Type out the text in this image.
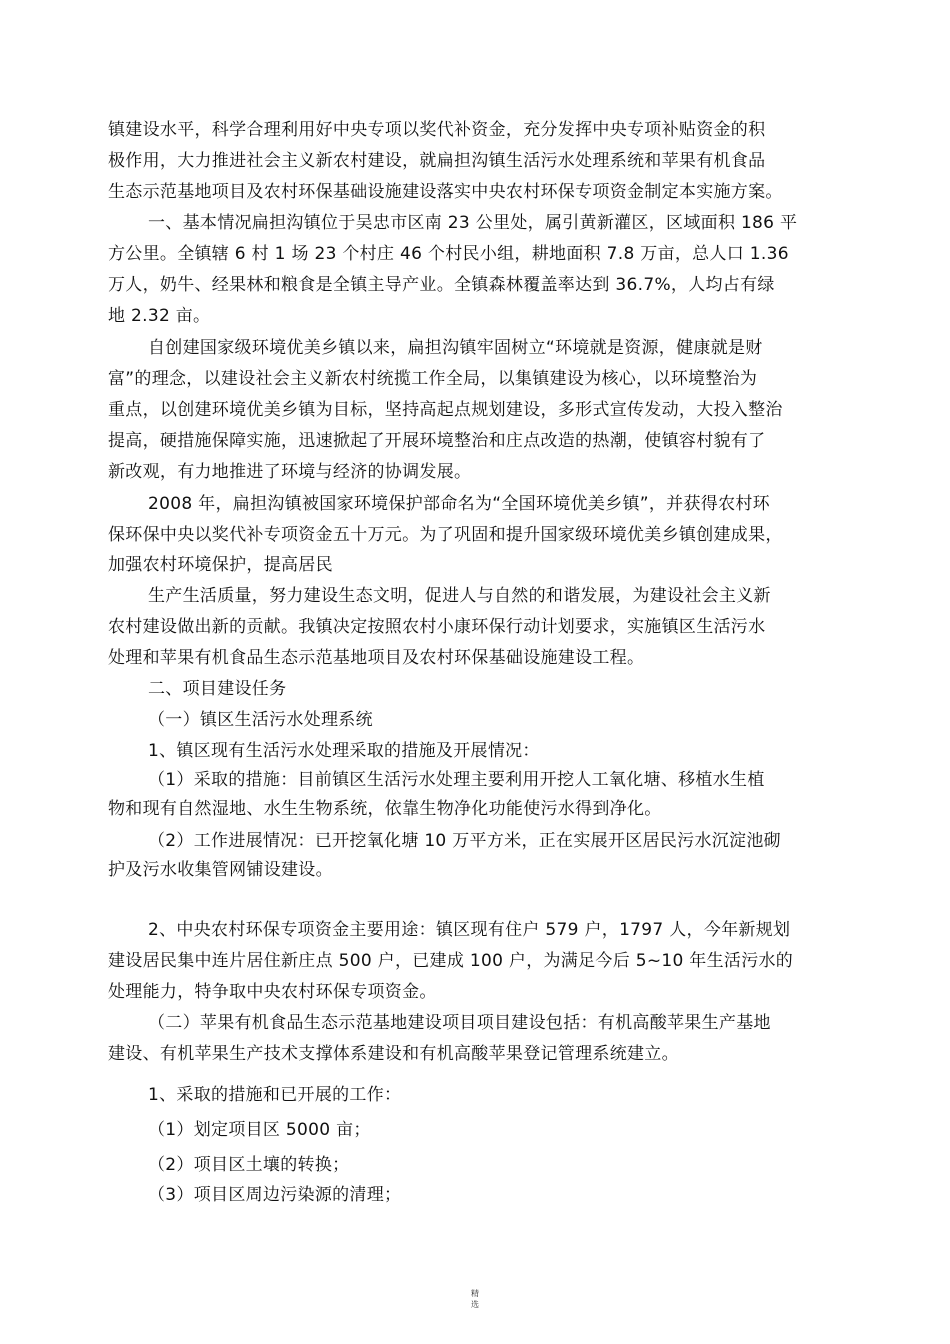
镇建设水平，科学合理利用好中央专项以奖代补资金，充分发挥中央专项补贴资金的积
极作用，大力推进社会主义新农村建设，就扁担沟镇生活污水处理系统和苹果有机食品
生态示范基地项目及农村环保基础设施建设落实中央农村环保专项资金制定本实施方案。
一、基本情况扁担沟镇位于吴忠市区南 23 公里处，属引黄新灌区，区域面积 186 平
方公里。全镇辖 6 村 1 场 23 个村庄 46 个村民小组，耕地面积 7.8 万亩，总人口 1.36
万人，奶牛、经果林和粮食是全镇主导产业。全镇森林覆盖率达到 36.7%，人均占有绿
地 2.32 亩。
自创建国家级环境优美乡镇以来，扁担沟镇牢固树立“环境就是资源，健康就是财
富”的理念，以建设社会主义新农村统揽工作全局，以集镇建设为核心，以环境整治为
重点，以创建环境优美乡镇为目标，坚持高起点规划建设，多形式宣传发动，大投入整治
提高，硬措施保障实施，迅速掀起了开展环境整治和庄点改造的热潮，使镇容村貌有了
新改观，有力地推进了环境与经济的协调发展。
2008 年，扁担沟镇被国家环境保护部命名为“全国环境优美乡镇”，并获得农村环
保环保中央以奖代补专项资金五十万元。为了巩固和提升国家级环境优美乡镇创建成果，
加强农村环境保护，提高居民
生产生活质量，努力建设生态文明，促进人与自然的和谐发展，为建设社会主义新
农村建设做出新的贡献。我镇决定按照农村小康环保行动计划要求，实施镇区生活污水
处理和苹果有机食品生态示范基地项目及农村环保基础设施建设工程。
二、项目建设任务
（一）镇区生活污水处理系统
1、镇区现有生活污水处理采取的措施及开展情况：
（1）采取的措施：目前镇区生活污水处理主要利用开挖人工氧化塘、移植水生植
物和现有自然湿地、水生生物系统，依靠生物净化功能使污水得到净化。
（2）工作进展情况：已开挖氧化塘 10 万平方米，正在实展开区居民污水沉淀池砌
护及污水收集管网铺设建设。
2、中央农村环保专项资金主要用途：镇区现有住户 579 户，1797 人，今年新规划
建设居民集中连片居住新庄点 500 户，已建成 100 户，为满足今后 5~10 年生活污水的
处理能力，特争取中央农村环保专项资金。
（二）苹果有机食品生态示范基地建设项目项目建设包括：有机高酸苹果生产基地
建设、有机苹果生产技术支撑体系建设和有机高酸苹果登记管理系统建立。
1、采取的措施和已开展的工作：
（1）划定项目区 5000 亩；
（2）项目区土壤的转换；
（3）项目区周边污染源的清理；
精
选
